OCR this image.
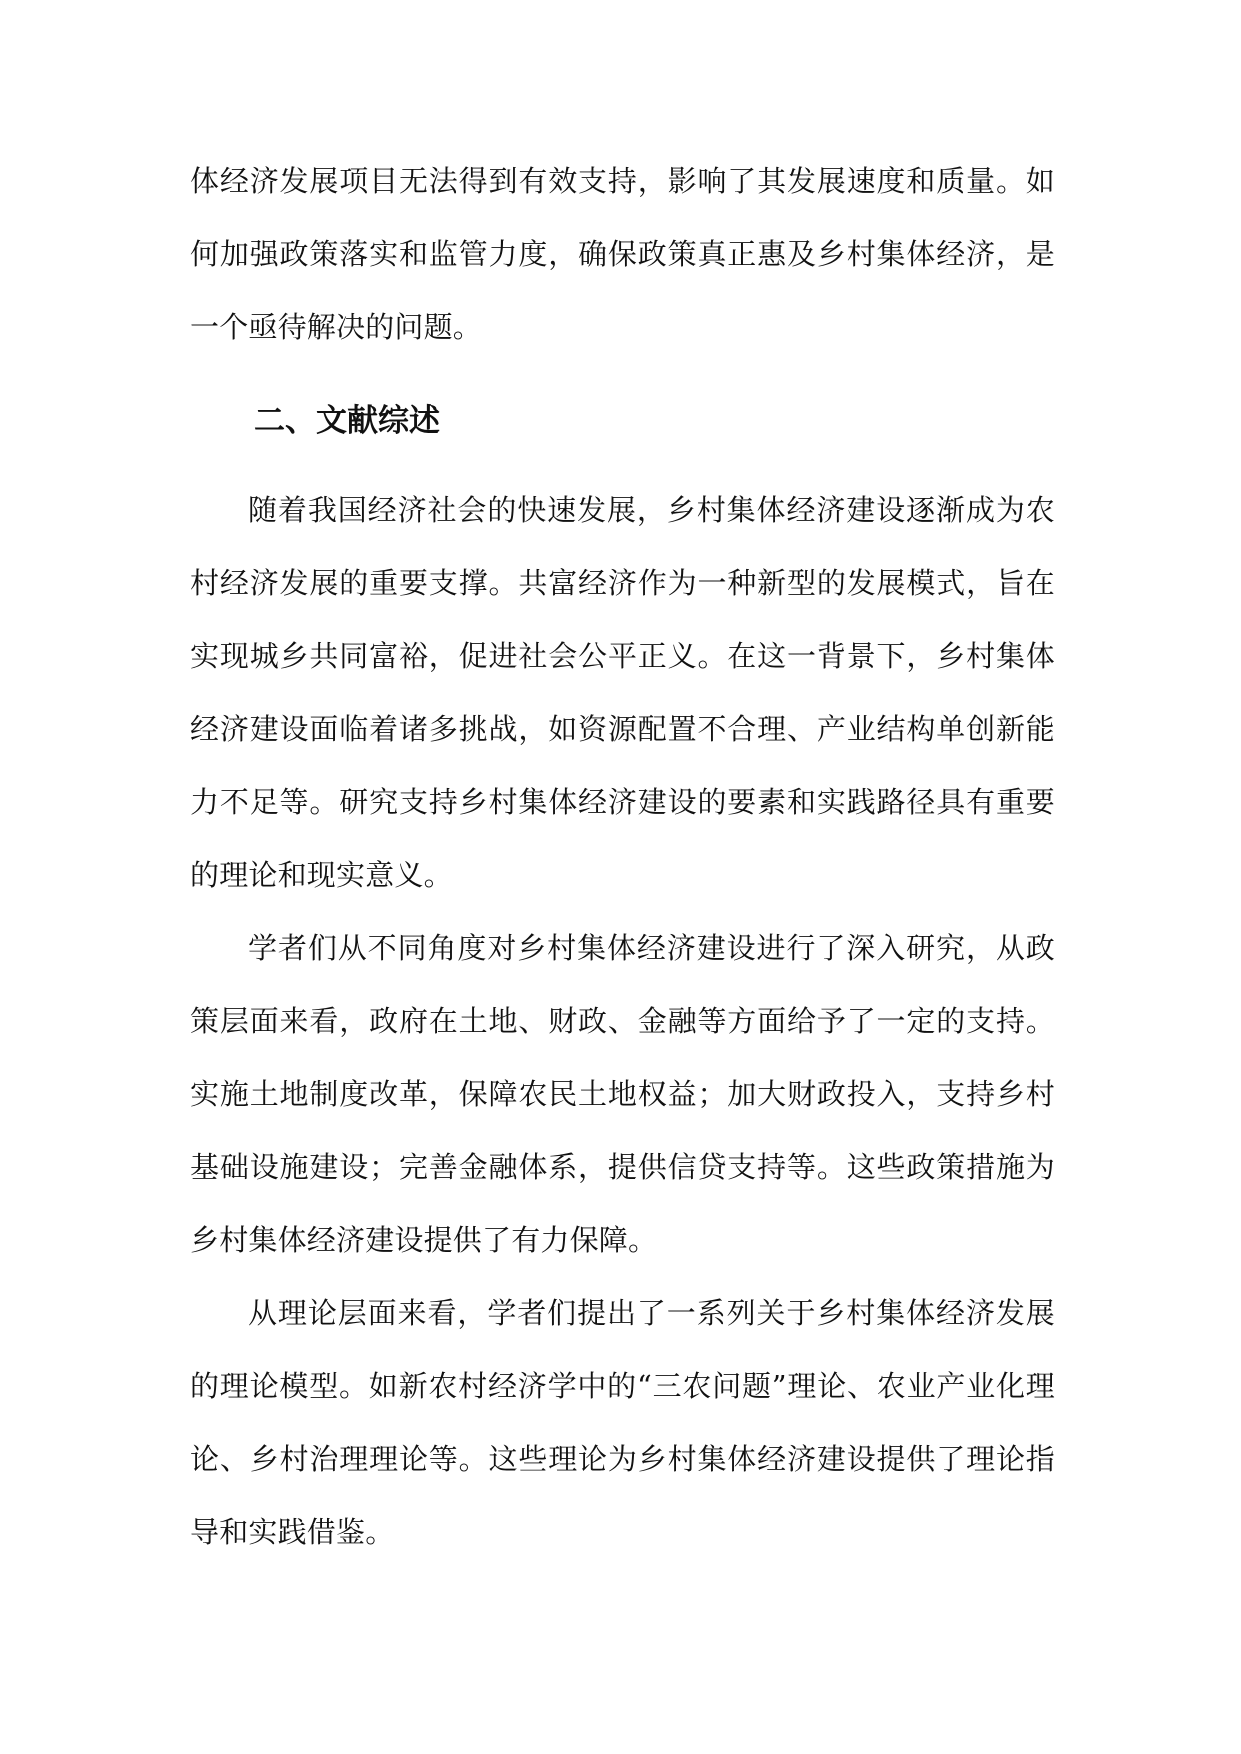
体经济发展项目无法得到有效支持，影响了其发展速度和质量。如何加强政策落实和监管力度，确保政策真正惠及乡村集体经济，是一个亟待解决的问题。

二、文献综述

随着我国经济社会的快速发展，乡村集体经济建设逐渐成为农村经济发展的重要支撑。共富经济作为一种新型的发展模式，旨在实现城乡共同富裕，促进社会公平正义。在这一背景下，乡村集体经济建设面临着诸多挑战，如资源配置不合理、产业结构单创新能力不足等。研究支持乡村集体经济建设的要素和实践路径具有重要的理论和现实意义。

学者们从不同角度对乡村集体经济建设进行了深入研究，从政策层面来看，政府在土地、财政、金融等方面给予了一定的支持。实施土地制度改革，保障农民土地权益；加大财政投入，支持乡村基础设施建设；完善金融体系，提供信贷支持等。这些政策措施为乡村集体经济建设提供了有力保障。

从理论层面来看，学者们提出了一系列关于乡村集体经济发展的理论模型。如新农村经济学中的“三农问题”理论、农业产业化理论、乡村治理理论等。这些理论为乡村集体经济建设提供了理论指导和实践借鉴。
